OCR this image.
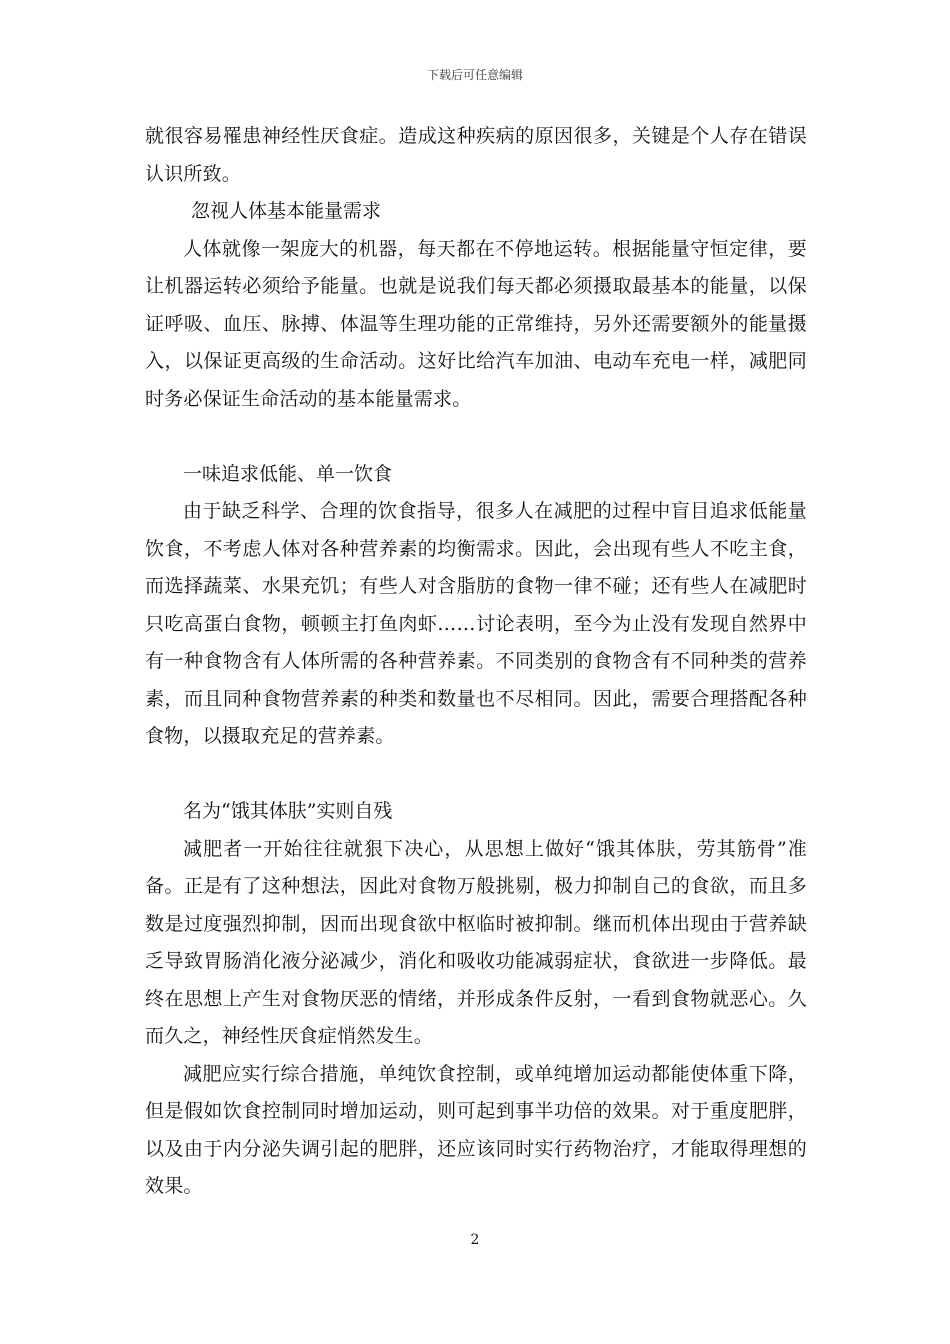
下载后可任意编辑

就很容易罹患神经性厌食症。造成这种疾病的原因很多，关键是个人存在错误认识所致。

忽视人体基本能量需求

人体就像一架庞大的机器，每天都在不停地运转。根据能量守恒定律，要让机器运转必须给予能量。也就是说我们每天都必须摄取最基本的能量，以保证呼吸、血压、脉搏、体温等生理功能的正常维持，另外还需要额外的能量摄入，以保证更高级的生命活动。这好比给汽车加油、电动车充电一样，减肥同时务必保证生命活动的基本能量需求。

一味追求低能、单一饮食

由于缺乏科学、合理的饮食指导，很多人在减肥的过程中盲目追求低能量饮食，不考虑人体对各种营养素的均衡需求。因此，会出现有些人不吃主食，而选择蔬菜、水果充饥；有些人对含脂肪的食物一律不碰；还有些人在减肥时只吃高蛋白食物，顿顿主打鱼肉虾……讨论表明，至今为止没有发现自然界中有一种食物含有人体所需的各种营养素。不同类别的食物含有不同种类的营养素，而且同种食物营养素的种类和数量也不尽相同。因此，需要合理搭配各种食物，以摄取充足的营养素。

名为“饿其体肤”实则自残

减肥者一开始往往就狠下决心，从思想上做好“饿其体肤，劳其筋骨”准备。正是有了这种想法，因此对食物万般挑剔，极力抑制自己的食欲，而且多数是过度强烈抑制，因而出现食欲中枢临时被抑制。继而机体出现由于营养缺乏导致胃肠消化液分泌减少，消化和吸收功能减弱症状，食欲进一步降低。最终在思想上产生对食物厌恶的情绪，并形成条件反射，一看到食物就恶心。久而久之，神经性厌食症悄然发生。

减肥应实行综合措施，单纯饮食控制，或单纯增加运动都能使体重下降，但是假如饮食控制同时增加运动，则可起到事半功倍的效果。对于重度肥胖，以及由于内分泌失调引起的肥胖，还应该同时实行药物治疗，才能取得理想的效果。

2
